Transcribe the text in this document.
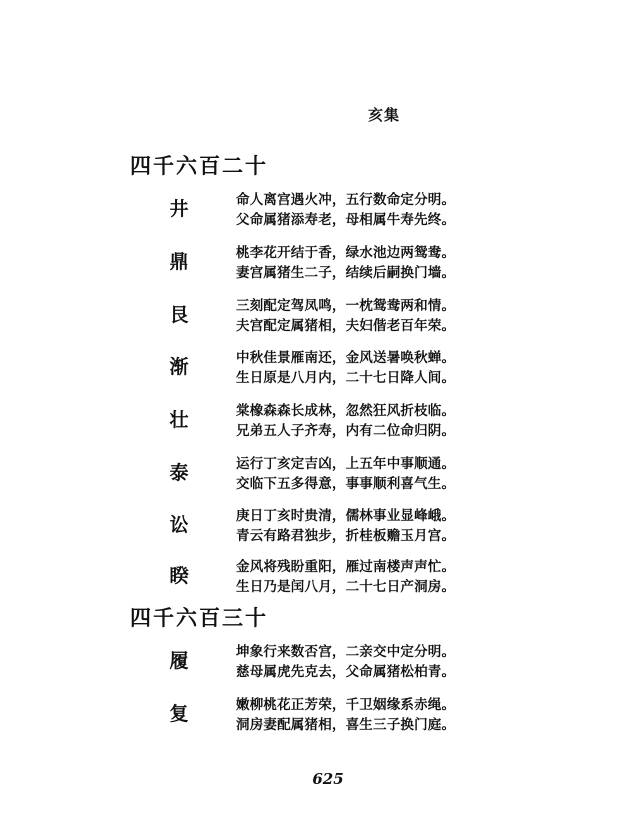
亥集
四千六百二十
井	命人离宫遇火冲，五行数命定分明。
父命属猪添寿老，母相属牛寿先终。
鼎	桃李花开结于香，绿水池边两鸳鸯。
妻宫属猪生二子，结续后嗣换门墙。
艮	三刻配定驾凤鸣，一枕鸳鸯两和情。
夫宫配定属猪相，夫妇偕老百年荣。
渐	中秋佳景雁南还，金风送暑唤秋蝉。
生日原是八月内，二十七日降人间。
壮	棠橡森森长成林，忽然狂风折枝临。
兄弟五人子齐寿，内有二位命归阴。
泰	运行丁亥定吉凶，上五年中事顺通。
交临下五多得意，事事顺利喜气生。
讼	庚日丁亥时贵清，儒林事业显峰峨。
青云有路君独步，折桂板赡玉月宫。
睽	金风将残盼重阳，雁过南楼声声忙。
生日乃是闰八月，二十七日产洞房。
四千六百三十
履	坤象行来数否宫，二亲交中定分明。
慈母属虎先克去，父命属猪松柏青。
复	嫩柳桃花正芳荣，千卫姻缘系赤绳。
洞房妻配属猪相，喜生三子换门庭。
625
